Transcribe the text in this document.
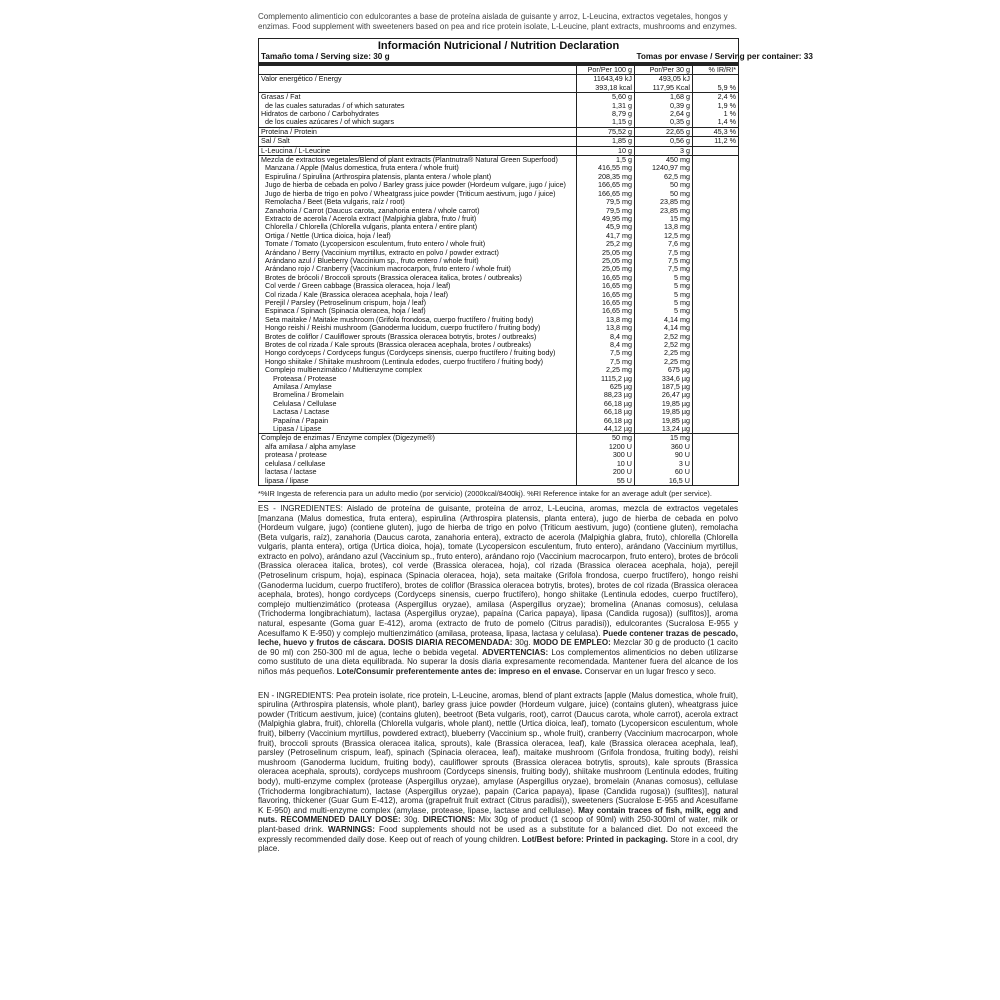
Complemento alimenticio con edulcorantes a base de proteína aislada de guisante y arroz, L-Leucina, extractos vegetales, hongos y enzimas. Food supplement with sweeteners based on pea and rice protein isolate, L-Leucine, plant extracts, mushrooms and enzymes.

Información Nutricional / Nutrition Declaration			
Tamaño toma / Serving size: 30 g		Tomas por envase / Serving per container: 33	
	Por/Per 100 g	Por/Per 30 g	% IR/RI*
Valor energético / Energy	11643,49 kJ	493,05 kJ	
	393,18 kcal	117,95 Kcal	5,9 %
Grasas / Fat	5,60 g	1,68 g	2,4 %
de las cuales saturadas / of which saturates	1,31 g	0,39 g	1,9 %
Hidratos de carbono / Carbohydrates	8,79 g	2,64 g	1 %
de los cuales azúcares / of which sugars	1,15 g	0,35 g	1,4 %
Proteína / Protein	75,52 g	22,65 g	45,3 %
Sal / Salt	1,85 g	0,56 g	11,2 %
L-Leucina / L-Leucine	10 g	3 g	
Mezcla de extractos vegetales/Blend of plant extracts (Plantnutra® Natural Green Superfood)	1,5 g	450 mg	
Manzana / Apple (Malus domestica, fruta entera / whole fruit)	416,55 mg	1240,97 mg	
Espirulina / Spirulina (Arthrospira platensis, planta entera / whole plant)	208,35 mg	62,5 mg	
Jugo de hierba de cebada en polvo / Barley grass juice powder (Hordeum vulgare, jugo / juice)	166,65 mg	50 mg	
Jugo de hierba de trigo en polvo / Wheatgrass juice powder (Triticum aestivum, jugo / juice)	166,65 mg	50 mg	
Remolacha / Beet (Beta vulgaris, raíz / root)	79,5 mg	23,85 mg	
Zanahoria / Carrot (Daucus carota, zanahoria entera / whole carrot)	79,5 mg	23,85 mg	
Extracto de acerola / Acerola extract (Malpighia glabra, fruto / fruit)	49,95 mg	15 mg	
Chlorella / Chlorella (Chlorella vulgaris, planta entera / entire plant)	45,9 mg	13,8 mg	
Ortiga / Nettle (Urtica dioica, hoja / leaf)	41,7 mg	12,5 mg	
Tomate / Tomato (Lycopersicon esculentum, fruto entero / whole fruit)	25,2 mg	7,6 mg	
Arándano / Berry (Vaccinium myrtillus, extracto en polvo / powder extract)	25,05 mg	7,5 mg	
Arándano azul / Blueberry (Vaccinium sp., fruto entero / whole fruit)	25,05 mg	7,5 mg	
Arándano rojo / Cranberry (Vaccinium macrocarpon, fruto entero / whole fruit)	25,05 mg	7,5 mg	
Brotes de brócoli / Broccoli sprouts (Brassica oleracea italica, brotes / outbreaks)	16,65 mg	5 mg	
Col verde / Green cabbage (Brassica oleracea, hoja / leaf)	16,65 mg	5 mg	
Col rizada / Kale (Brassica oleracea acephala, hoja / leaf)	16,65 mg	5 mg	
Perejil / Parsley (Petroselinum crispum, hoja / leaf)	16,65 mg	5 mg	
Espinaca / Spinach (Spinacia oleracea, hoja / leaf)	16,65 mg	5 mg	
Seta maitake / Maitake mushroom (Grifola frondosa, cuerpo fructífero / fruiting body)	13,8 mg	4,14 mg	
Hongo reishi / Reishi mushroom (Ganoderma lucidum, cuerpo fructífero / fruiting body)	13,8 mg	4,14 mg	
Brotes de coliflor / Cauliflower sprouts (Brassica oleracea botrytis, brotes / outbreaks)	8,4 mg	2,52 mg	
Brotes de col rizada / Kale sprouts (Brassica oleracea acephala, brotes / outbreaks)	8,4 mg	2,52 mg	
Hongo cordyceps / Cordyceps fungus (Cordyceps sinensis, cuerpo fructífero / fruiting body)	7,5 mg	2,25 mg	
Hongo shiitake / Shiitake mushroom (Lentinula edodes, cuerpo fructífero / fruiting body)	7,5 mg	2,25 mg	
Complejo multienzimático / Multienzyme complex	2,25 mg	675 µg	
Proteasa / Protease	1115,2 µg	334,6 µg	
Amilasa / Amylase	625 µg	187,5 µg	
Bromelina / Bromelain	88,23 µg	26,47 µg	
Celulasa / Cellulase	66,18 µg	19,85 µg	
Lactasa / Lactase	66,18 µg	19,85 µg	
Papaína / Papain	66,18 µg	19,85 µg	
Lipasa / Lipase	44,12 µg	13,24 µg	
Complejo de enzimas / Enzyme complex (Digezyme®)	50 mg	15 mg	
alfa amilasa / alpha amylase	1200 U	360 U	
proteasa / protease	300 U	90 U	
celulasa / cellulase	10 U	3 U	
lactasa / lactase	200 U	60 U	
lipasa / lipase	55 U	16,5 U	
*%IR Ingesta de referencia para un adulto medio (por servicio) (2000kcal/8400kj). %RI Reference intake for an average adult (per service).

ES - INGREDIENTES: Aislado de proteína de guisante, proteína de arroz, L-Leucina, aromas, mezcla de extractos vegetales [manzana (Malus domestica, fruta entera), espirulina (Arthrospira platensis, planta entera), jugo de hierba de cebada en polvo (Hordeum vulgare, jugo) (contiene gluten), jugo de hierba de trigo en polvo (Triticum aestivum, jugo) (contiene gluten), remolacha (Beta vulgaris, raíz), zanahoria (Daucus carota, zanahoria entera), extracto de acerola (Malpighia glabra, fruto), chlorella (Chlorella vulgaris, planta entera), ortiga (Urtica dioica, hoja), tomate (Lycopersicon esculentum, fruto entero), arándano (Vaccinium myrtillus, extracto en polvo), arándano azul (Vaccinium sp., fruto entero), arándano rojo (Vaccinium macrocarpon, fruto entero), brotes de brócoli (Brassica oleracea italica, brotes), col verde (Brassica oleracea, hoja), col rizada (Brassica oleracea acephala, hoja), perejil (Petroselinum crispum, hoja), espinaca (Spinacia oleracea, hoja), seta maitake (Grifola frondosa, cuerpo fructífero), hongo reishi (Ganoderma lucidum, cuerpo fructífero), brotes de coliflor (Brassica oleracea botrytis, brotes), brotes de col rizada (Brassica oleracea acephala, brotes), hongo cordyceps (Cordyceps sinensis, cuerpo fructífero), hongo shiitake (Lentinula edodes, cuerpo fructífero), complejo multienzimático (proteasa (Aspergillus oryzae), amilasa (Aspergillus oryzae); bromelina (Ananas comosus), celulasa (Trichoderma longibrachiatum), lactasa (Aspergillus oryzae), papaína (Carica papaya), lipasa (Candida rugosa)) (sulfitos)], aroma natural, espesante (Goma guar E-412), aroma (extracto de fruto de pomelo (Citrus paradisi)), edulcorantes (Sucralosa E-955 y Acesulfamo K E-950) y complejo multienzimático (amilasa, proteasa, lipasa, lactasa y celulasa). Puede contener trazas de pescado, leche, huevo y frutos de cáscara. DOSIS DIARIA RECOMENDADA: 30g. MODO DE EMPLEO: Mezclar 30 g de producto (1 cacito de 90 ml) con 250-300 ml de agua, leche o bebida vegetal. ADVERTENCIAS: Los complementos alimenticios no deben utilizarse como sustituto de una dieta equilibrada. No superar la dosis diaria expresamente recomendada. Mantener fuera del alcance de los niños más pequeños. Lote/Consumir preferentemente antes de: impreso en el envase. Conservar en un lugar fresco y seco.

EN - INGREDIENTS: Pea protein isolate, rice protein, L-Leucine, aromas, blend of plant extracts [apple (Malus domestica, whole fruit), spirulina (Arthrospira platensis, whole plant), barley grass juice powder (Hordeum vulgare, juice) (contains gluten), wheatgrass juice powder (Triticum aestivum, juice) (contains gluten), beetroot (Beta vulgaris, root), carrot (Daucus carota, whole carrot), acerola extract (Malpighia glabra, fruit), chlorella (Chlorella vulgaris, whole plant), nettle (Urtica dioica, leaf), tomato (Lycopersicon esculentum, whole fruit), bilberry (Vaccinium myrtillus, powdered extract), blueberry (Vaccinium sp., whole fruit), cranberry (Vaccinium macrocarpon, whole fruit), broccoli sprouts (Brassica oleracea italica, sprouts), kale (Brassica oleracea, leaf), kale (Brassica oleracea acephala, leaf), parsley (Petroselinum crispum, leaf), spinach (Spinacia oleracea, leaf), maitake mushroom (Grifola frondosa, fruiting body), reishi mushroom (Ganoderma lucidum, fruiting body), cauliflower sprouts (Brassica oleracea botrytis, sprouts), kale sprouts (Brassica oleracea acephala, sprouts), cordyceps mushroom (Cordyceps sinensis, fruiting body), shiitake mushroom (Lentinula edodes, fruiting body), multi-enzyme complex (protease (Aspergillus oryzae), amylase (Aspergillus oryzae), bromelain (Ananas comosus), cellulase (Trichoderma longibrachiatum), lactase (Aspergillus oryzae), papain (Carica papaya), lipase (Candida rugosa)) (sulfites)], natural flavoring, thickener (Guar Gum E-412), aroma (grapefruit fruit extract (Citrus paradisi)), sweeteners (Sucralose E-955 and Acesulfame K E-950) and multi-enzyme complex (amylase, protease, lipase, lactase and cellulase). May contain traces of fish, milk, egg and nuts. RECOMMENDED DAILY DOSE: 30g. DIRECTIONS: Mix 30g of product (1 scoop of 90ml) with 250-300ml of water, milk or plant-based drink. WARNINGS: Food supplements should not be used as a substitute for a balanced diet. Do not exceed the expressly recommended daily dose. Keep out of reach of young children. Lot/Best before: Printed in packaging. Store in a cool, dry place.
